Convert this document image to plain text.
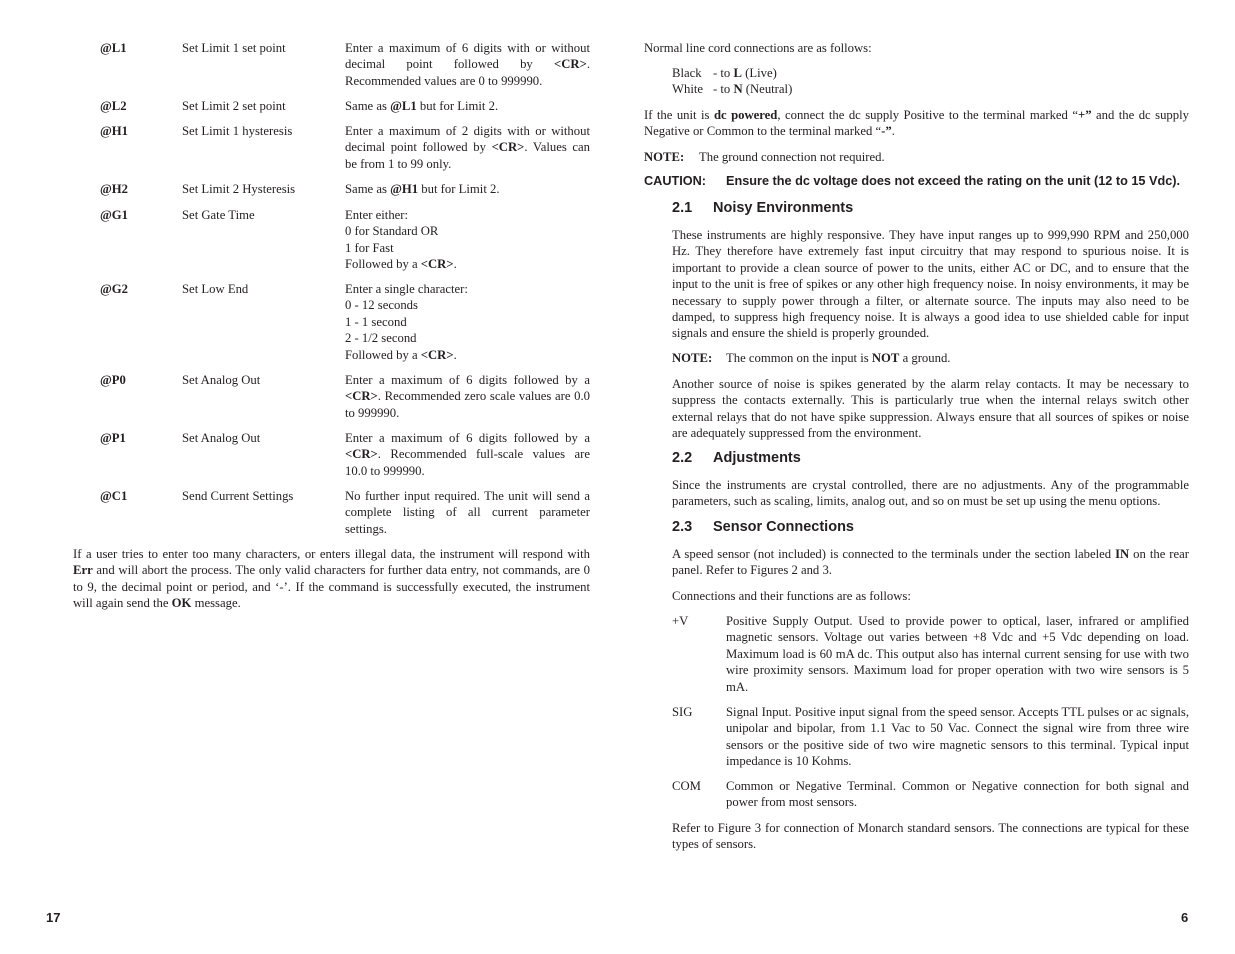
@L1	Set Limit 1 set point	Enter a maximum of 6 digits with or without decimal point followed by <CR>. Recommended values are 0 to 999990.
@L2	Set Limit 2 set point	Same as @L1 but for Limit 2.
@H1	Set Limit 1 hysteresis	Enter a maximum of 2 digits with or without decimal point followed by <CR>. Values can be from 1 to 99 only.
@H2	Set Limit 2 Hysteresis	Same as @H1 but for Limit 2.
@G1	Set Gate Time	Enter either:
0 for Standard OR
1 for Fast
Followed by a <CR>.
@G2	Set Low End	Enter a single character:
0 - 12 seconds
1 - 1 second
2 - 1/2 second
Followed by a <CR>.
@P0	Set Analog Out	Enter a maximum of 6 digits followed by a <CR>. Recommended zero scale values are 0.0 to 999990.
@P1	Set Analog Out	Enter a maximum of 6 digits followed by a <CR>. Recommended full-scale values are 10.0 to 999990.
@C1	Send Current Settings	No further input required. The unit will send a complete listing of all current parameter settings.

If a user tries to enter too many characters, or enters illegal data, the instrument will respond with Err and will abort the process. The only valid characters for further data entry, not commands, are 0 to 9, the decimal point or period, and ‘-’. If the command is successfully executed, the instrument will again send the OK message.

17

Normal line cord connections are as follows:

Black - to L (Live)
White - to N (Neutral)

If the unit is dc powered, connect the dc supply Positive to the terminal marked “+” and the dc supply Negative or Common to the terminal marked “-”.

NOTE: The ground connection not required.

CAUTION: Ensure the dc voltage does not exceed the rating on the unit (12 to 15 Vdc).

2.1 Noisy Environments

These instruments are highly responsive. They have input ranges up to 999,990 RPM and 250,000 Hz. They therefore have extremely fast input circuitry that may respond to spurious noise. It is important to provide a clean source of power to the units, either AC or DC, and to ensure that the input to the unit is free of spikes or any other high frequency noise. In noisy environments, it may be necessary to supply power through a filter, or alternate source. The inputs may also need to be damped, to suppress high frequency noise. It is always a good idea to use shielded cable for input signals and ensure the shield is properly grounded.

NOTE: The common on the input is NOT a ground.

Another source of noise is spikes generated by the alarm relay contacts. It may be necessary to suppress the contacts externally. This is particularly true when the internal relays switch other external relays that do not have spike suppression. Always ensure that all sources of spikes or noise are adequately suppressed from the environment.

2.2 Adjustments

Since the instruments are crystal controlled, there are no adjustments. Any of the programmable parameters, such as scaling, limits, analog out, and so on must be set up using the menu options.

2.3 Sensor Connections

A speed sensor (not included) is connected to the terminals under the section labeled IN on the rear panel. Refer to Figures 2 and 3.

Connections and their functions are as follows:

+V	Positive Supply Output. Used to provide power to optical, laser, infrared or amplified magnetic sensors. Voltage out varies between +8 Vdc and +5 Vdc depending on load. Maximum load is 60 mA dc. This output also has internal current sensing for use with two wire proximity sensors. Maximum load for proper operation with two wire sensors is 5 mA.
SIG	Signal Input. Positive input signal from the speed sensor. Accepts TTL pulses or ac signals, unipolar and bipolar, from 1.1 Vac to 50 Vac. Connect the signal wire from three wire sensors or the positive side of two wire magnetic sensors to this terminal. Typical input impedance is 10 Kohms.
COM Common or Negative Terminal. Common or Negative connection for both signal and power from most sensors.

Refer to Figure 3 for connection of Monarch standard sensors. The connections are typical for these types of sensors.

6
